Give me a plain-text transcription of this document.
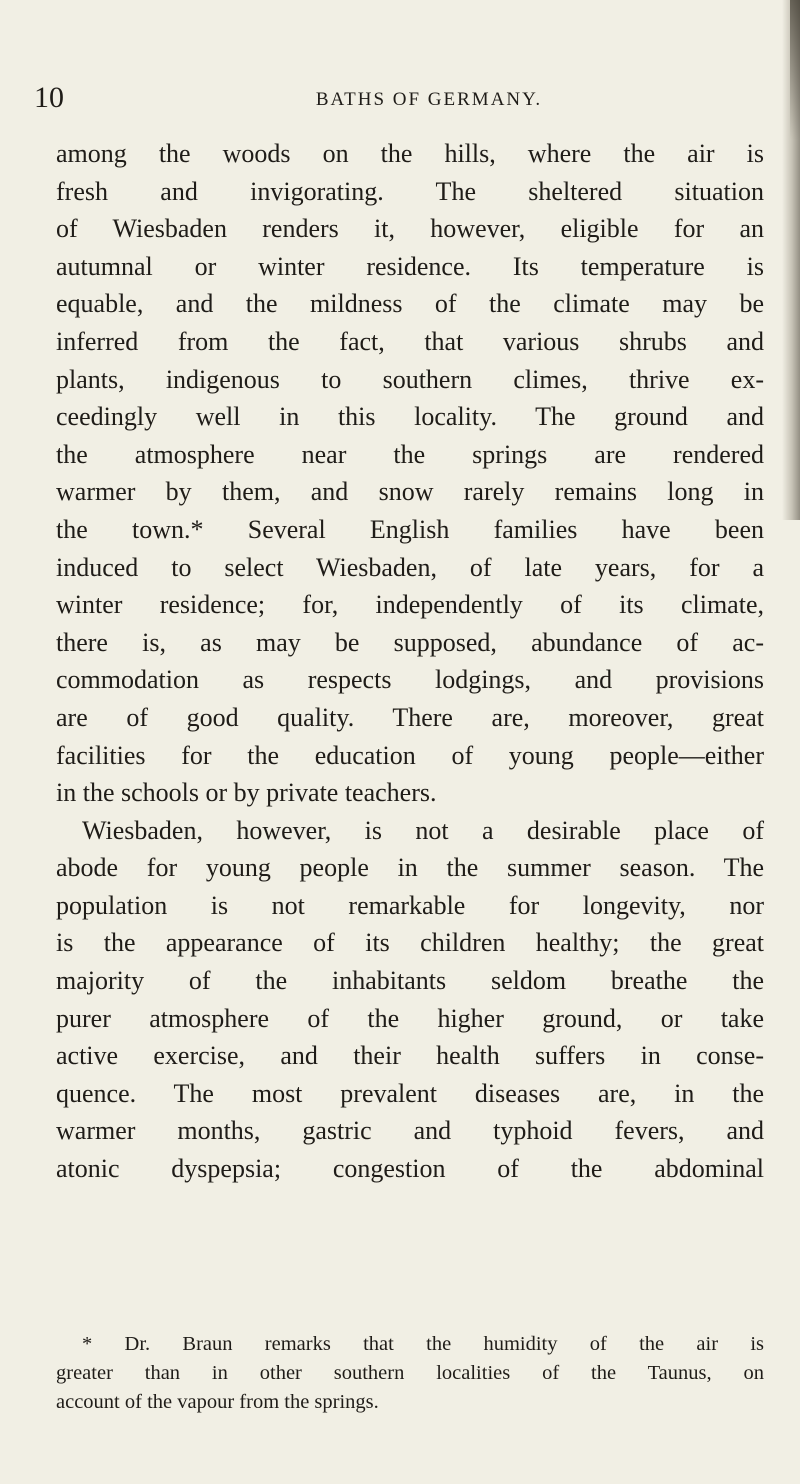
10	BATHS OF GERMANY.
among the woods on the hills, where the air is
fresh and invigorating. The sheltered situation
of Wiesbaden renders it, however, eligible for an
autumnal or winter residence. Its temperature is
equable, and the mildness of the climate may be
inferred from the fact, that various shrubs and
plants, indigenous to southern climes, thrive ex-
ceedingly well in this locality. The ground and
the atmosphere near the springs are rendered
warmer by them, and snow rarely remains long in
the town.* Several English families have been
induced to select Wiesbaden, of late years, for a
winter residence; for, independently of its climate,
there is, as may be supposed, abundance of ac-
commodation as respects lodgings, and provisions
are of good quality. There are, moreover, great
facilities for the education of young people—either
in the schools or by private teachers.
Wiesbaden, however, is not a desirable place of
abode for young people in the summer season. The
population is not remarkable for longevity, nor
is the appearance of its children healthy; the great
majority of the inhabitants seldom breathe the
purer atmosphere of the higher ground, or take
active exercise, and their health suffers in conse-
quence. The most prevalent diseases are, in the
warmer months, gastric and typhoid fevers, and
atonic dyspepsia; congestion of the abdominal
* Dr. Braun remarks that the humidity of the air is
greater than in other southern localities of the Taunus, on
account of the vapour from the springs.
